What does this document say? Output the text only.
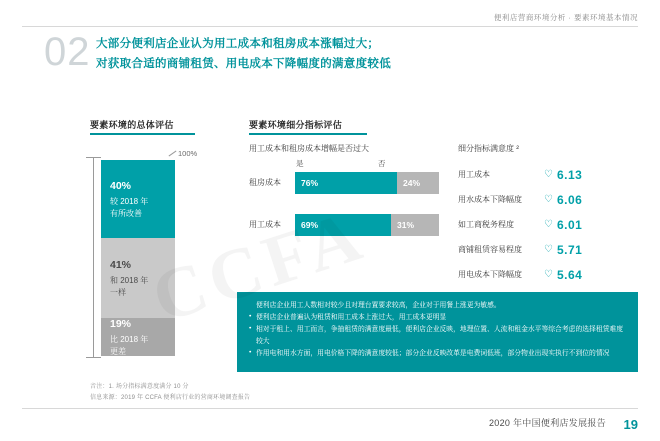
便利店营商环境分析 · 要素环境基本情况
02 大部分便利店企业认为用工成本和租房成本涨幅过大；
对获取合适的商铺租赁、用电成本下降幅度的满意度较低
要素环境的总体评估
100%
40%
较 2018 年
有所改善
41%
和 2018 年
一样
19%
比 2018 年
更差
要素环境细分指标评估
用工成本和租房成本增幅是否过大
是	否
租房成本	76%	24%
用工成本	69%	31%
细分指标满意度 ²
用工成本	♡ 6.13
用水成本下降幅度	♡ 6.06
如工商税务程度	♡ 6.01
商铺租赁容易程度	♡ 5.71
用电成本下降幅度	♡ 5.64
便利店企业用工人数相对较少且对理台置要求较高，企业对于用餐上涨更为敏感。
• 便利店企业普遍认为租赁和用工成本上涨过大，用工成本更明显
• 相对于租上、用工而言，争抽租赁的满意度最低，便利店企业反映，地理位置、人流和租金水平等综合考虑的选择租赁难度较大
• 作用电和用水方面，用电价格下降的满意度较低；部分企业反映改革是电费词低班，部分物业出现实执行不到位的情况
音注：1. 场分指标满意度满分 10 分
信息来源：2019 年 CCFA 便利店行业的营商环境调查报告
2020 年中国便利店发展报告 19
